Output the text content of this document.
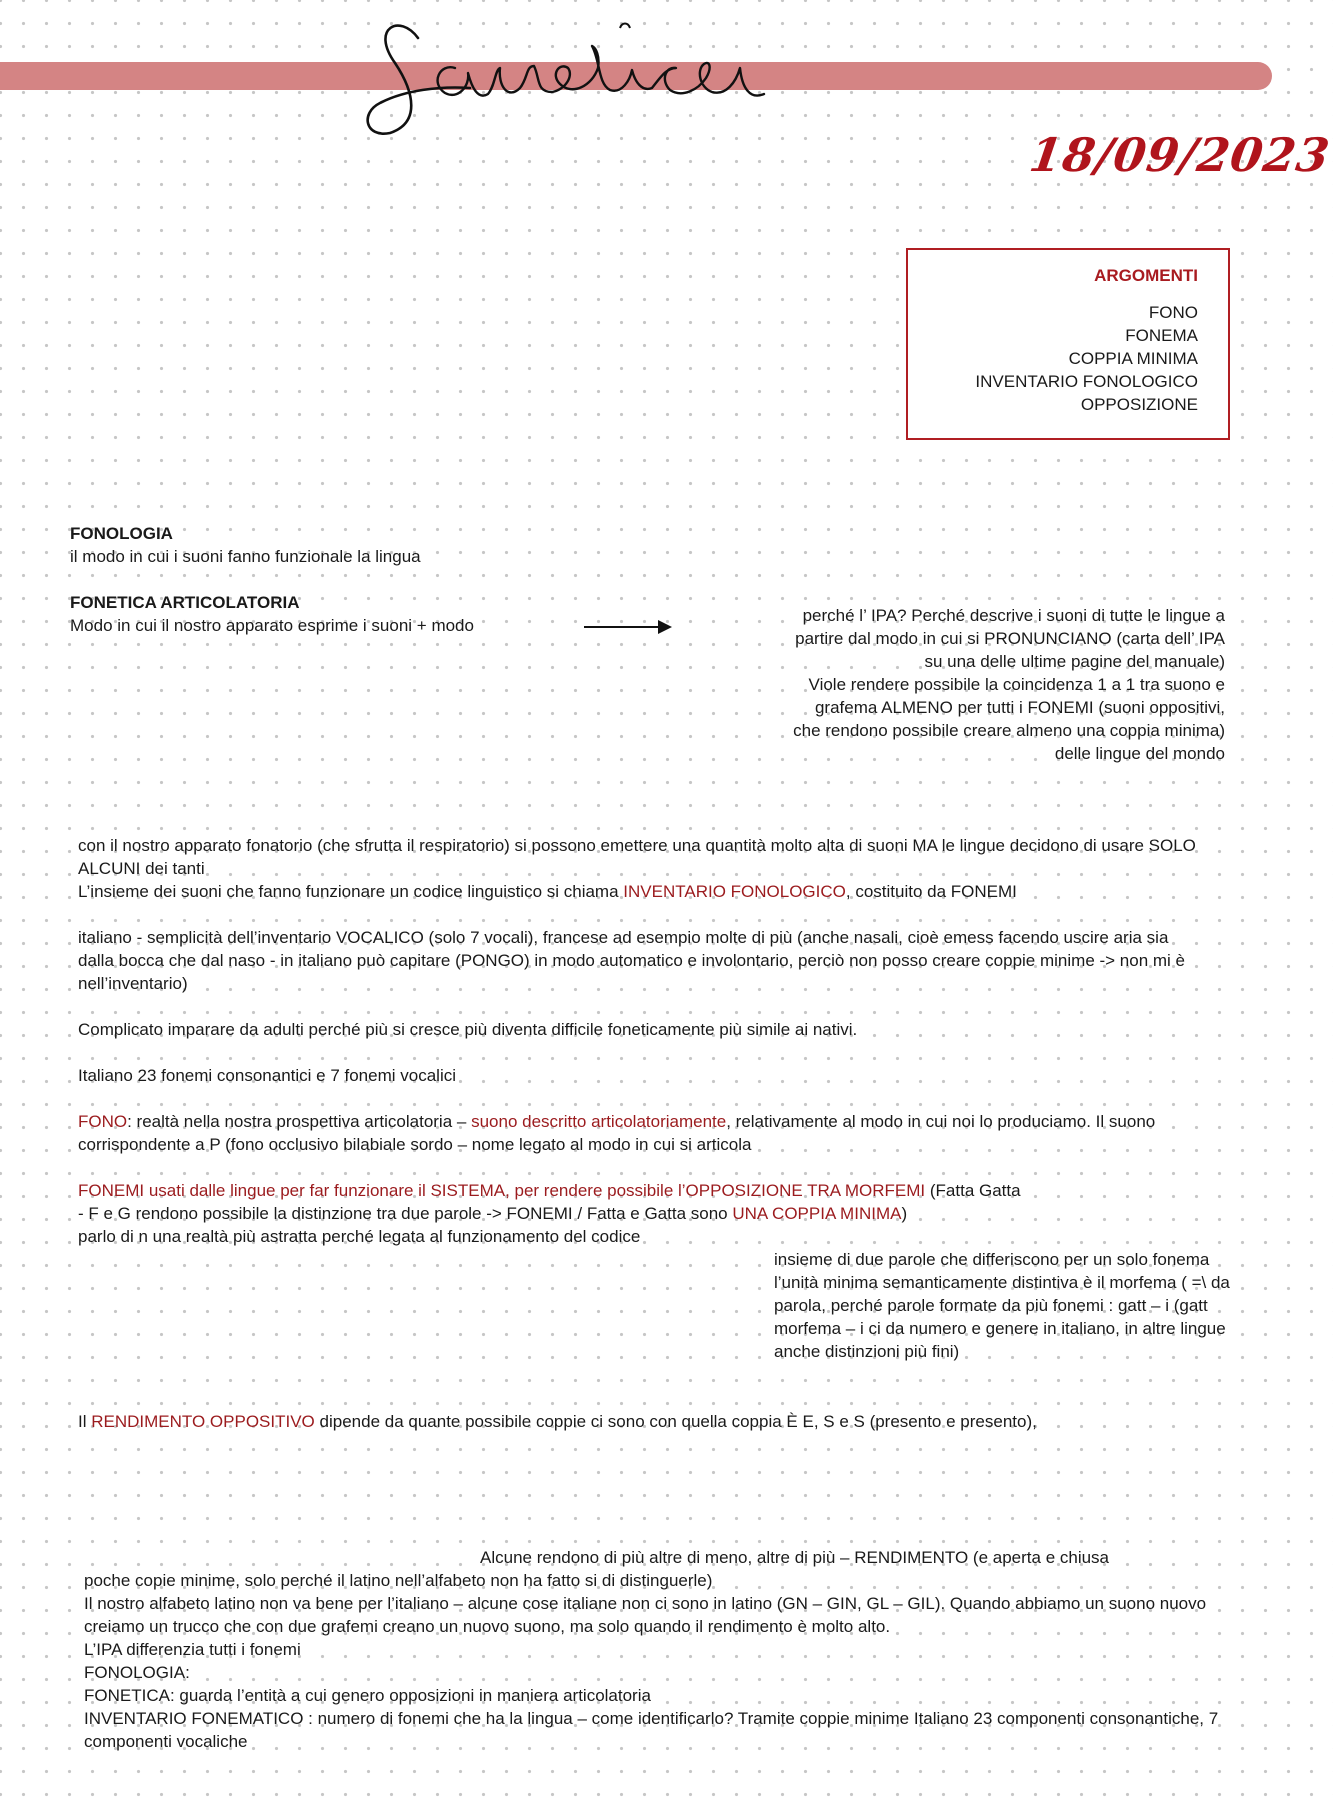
18/09/2023
ARGOMENTI
FONO
FONEMA
COPPIA MINIMA
INVENTARIO FONOLOGICO
OPPOSIZIONE
FONOLOGIA
il modo in cui i suoni fanno funzionale la lingua
FONETICA ARTICOLATORIA
Modo in cui il nostro apparato esprime i suoni + modo
perché l’ IPA? Perché descrive i suoni di tutte le lingue a
partire dal modo in cui si PRONUNCIANO (carta dell’ IPA
su una delle ultime pagine del manuale)
Viole rendere possibile la coincidenza 1 a 1 tra suono e
grafema ALMENO per tutti i FONEMI (suoni oppositivi,
che rendono possibile creare almeno una coppia minima)
delle lingue del mondo
con il nostro apparato fonatorio (che sfrutta il respiratorio) si possono emettere una quantità molto alta di suoni MA le lingue decidono di usare SOLO ALCUNI dei tanti
L’insieme dei suoni che fanno funzionare un codice linguistico si chiama INVENTARIO FONOLOGICO, costituito da FONEMI
italiano - semplicità dell’inventario VOCALICO (solo 7 vocali), francese ad esempio molte di più (anche nasali, cioè emess facendo uscire aria sia dalla bocca che dal naso - in italiano può capitare (PONGO) in modo automatico e involontario, perciò non posso creare coppie minime -> non mi è nell’inventario)
Complicato imparare da adulti perché più si cresce più diventa difficile foneticamente più simile ai nativi.
Italiano 23 fonemi consonantici e 7 fonemi vocalici
FONO: realtà nella nostra prospettiva articolatoria – suono descritto articolatoriamente, relativamente al modo in cui noi lo produciamo. Il suono corrispondente a P (fono occlusivo bilabiale sordo – nome legato al modo in cui si articola
FONEMI usati dalle lingue per far funzionare il SISTEMA, per rendere possibile l’OPPOSIZIONE TRA MORFEMI (Fatta Gatta
- F e G rendono possibile la distinzione tra due parole -> FONEMI / Fatta e Gatta sono UNA COPPIA MINIMA)
parlo di n una realtà più astratta perché legata al funzionamento del codice
insieme di due parole che differiscono per un solo fonema l’unità minima semanticamente distintiva è il morfema ( =\ da parola, perché parole formate da più fonemi : gatt – i (gatt morfema – i ci da numero e genere in italiano, in altre lingue anche distinzioni più fini)
Il RENDIMENTO OPPOSITIVO dipende da quante possibile coppie ci sono con quella coppia È E, S e S (presento e presento),
Alcune rendono di più altre di meno, altre di più – RENDIMENTO (e aperta e chiusa
poche copie minime, solo perché il latino nell’alfabeto non ha fatto si di distinguerle)
Il nostro alfabeto latino non va bene per l’italiano – alcune cose italiane non ci sono in latino (GN – GIN, GL – GIL). Quando abbiamo un suono nuovo creiamo un trucco che con due grafemi creano un nuovo suono, ma solo quando il rendimento è molto alto.
L’IPA differenzia tutti i fonemi
FONOLOGIA:
FONETICA: guarda l’entità a cui genero opposizioni in maniera articolatoria
INVENTARIO FONEMATICO : numero di fonemi che ha la lingua – come identificarlo? Tramite coppie minime Italiano 23 componenti consonantiche, 7 componenti vocaliche
